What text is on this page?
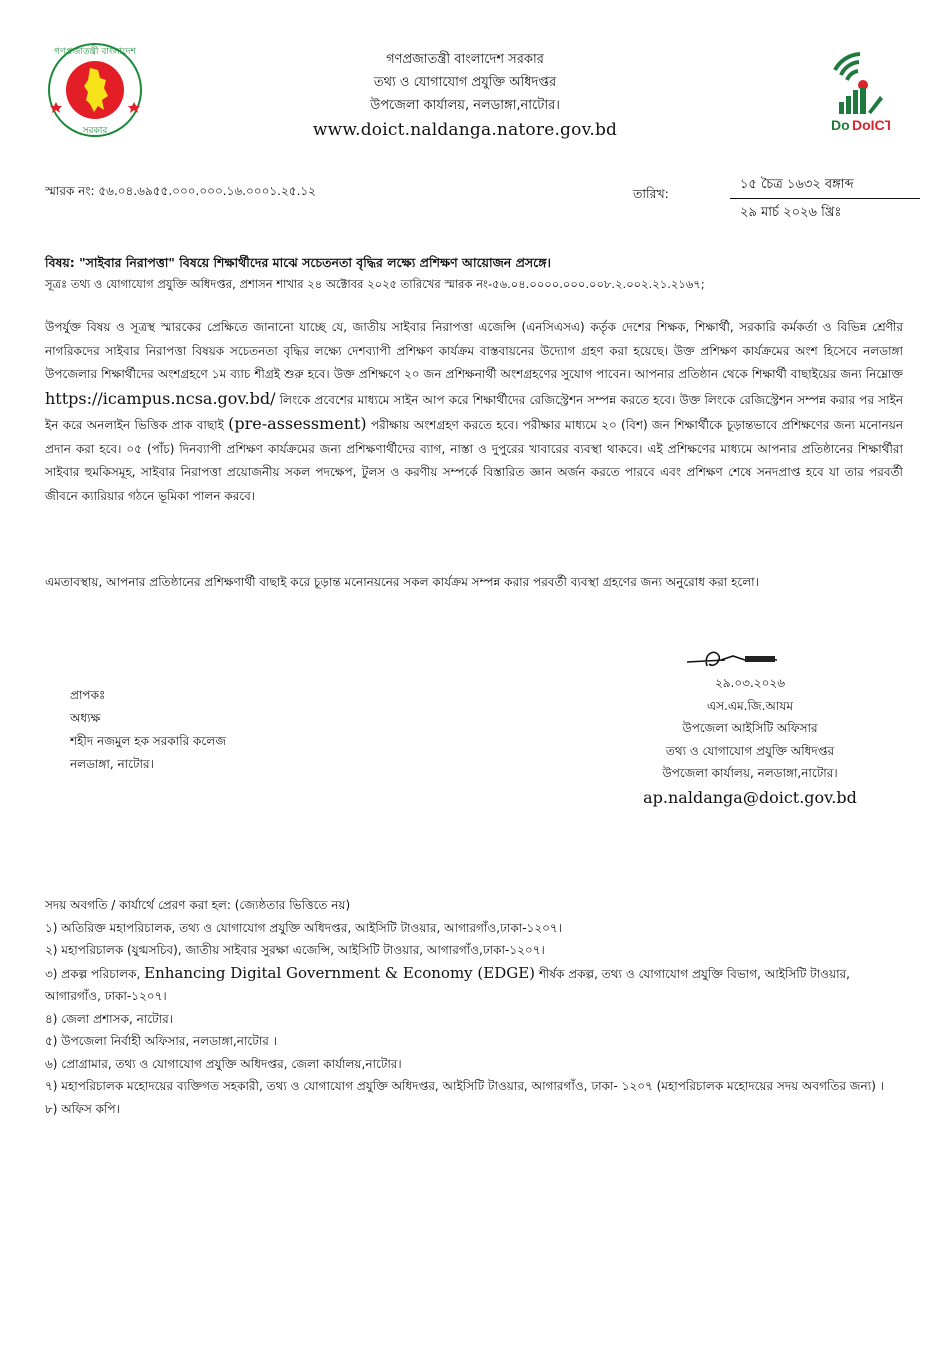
গণপ্রজাতন্ত্রী বাংলাদেশ
সরকার
গণপ্রজাতন্ত্রী বাংলাদেশ সরকার
তথ্য ও যোগাযোগ প্রযুক্তি অধিদপ্তর
উপজেলা কার্যালয়, নলডাঙ্গা,নাটোর।
www.doict.naldanga.natore.gov.bd	Do DoICT
স্মারক নং: ৫৬.০৪.৬৯৫৫.০০০.০০০.১৬.০০০১.২৫.১২	তারিখ:
১৫ চৈত্র ১৬৩২ বঙ্গাব্দ
২৯ মার্চ ২০২৬ খ্রিঃ
বিষয়: "সাইবার নিরাপত্তা" বিষয়ে শিক্ষার্থীদের মাঝে সচেতনতা বৃদ্ধির লক্ষ্যে প্রশিক্ষণ আয়োজন প্রসঙ্গে।
সূত্রঃ তথ্য ও যোগাযোগ প্রযুক্তি অধিদপ্তর, প্রশাসন শাখার ২৪ অক্টোবর ২০২৫ তারিখের স্মারক নং-৫৬.০৪.০০০০.০০০.০০৮.২.০০২.২১.২১৬৭;
উপর্যুক্ত বিষয় ও সূত্রস্থ স্মারকের প্রেক্ষিতে জানানো যাচ্ছে যে, জাতীয় সাইবার নিরাপত্তা এজেন্সি (এনসিএসএ) কর্তৃক দেশের শিক্ষক, শিক্ষার্থী, সরকারি কর্মকর্তা ও বিভিন্ন শ্রেণীর নাগরিকদের সাইবার নিরাপত্তা বিষয়ক সচেতনতা বৃদ্ধির লক্ষ্যে দেশব্যাপী প্রশিক্ষণ কার্যক্রম বাস্তবায়নের উদ্যোগ গ্রহণ করা হয়েছে। উক্ত প্রশিক্ষণ কার্যক্রমের অংশ হিসেবে নলডাঙ্গা উপজেলার শিক্ষার্থীদের অংশগ্রহণে ১ম ব্যাচ শীগ্রই শুরু হবে। উক্ত প্রশিক্ষণে ২০ জন প্রশিক্ষনার্থী অংশগ্রহণের সুযোগ পাবেন। আপনার প্রতিষ্ঠান থেকে শিক্ষার্থী বাছাইয়ের জন্য নিম্নোক্ত https://icampus.ncsa.gov.bd/ লিংকে প্রবেশের মাধ্যমে সাইন আপ করে শিক্ষার্থীদের রেজিস্ট্রেশন সম্পন্ন করতে হবে। উক্ত লিংকে রেজিস্ট্রেশন সম্পন্ন করার পর সাইন ইন করে অনলাইন ভিত্তিক প্রাক বাছাই (pre-assessment) পরীক্ষায় অংশগ্রহণ করতে হবে। পরীক্ষার মাধ্যমে ২০ (বিশ) জন শিক্ষার্থীকে চূড়ান্তভাবে প্রশিক্ষণের জন্য মনোনয়ন প্রদান করা হবে। ০৫ (পাঁচ) দিনব্যাপী প্রশিক্ষণ কার্যক্রমের জন্য প্রশিক্ষণার্থীদের ব্যাগ, নাস্তা ও দুপুরের খাবারের ব্যবস্থা থাকবে। এই প্রশিক্ষণের মাধ্যমে আপনার প্রতিষ্ঠানের শিক্ষার্থীরা সাইবার হুমকিসমূহ, সাইবার নিরাপত্তা প্রয়োজনীয় সকল পদক্ষেপ, টুলস ও করণীয় সম্পর্কে বিস্তারিত জ্ঞান অর্জন করতে পারবে এবং প্রশিক্ষণ শেষে সনদপ্রাপ্ত হবে যা তার পরবর্তী জীবনে ক্যারিয়ার গঠনে ভূমিকা পালন করবে।
এমতাবস্থায়, আপনার প্রতিষ্ঠানের প্রশিক্ষণার্থী বাছাই করে চূড়ান্ত মনোনয়নের সকল কার্যক্রম সম্পন্ন করার পরবর্তী ব্যবস্থা গ্রহণের জন্য অনুরোধ করা হলো।
প্রাপকঃ
অধ্যক্ষ
শহীদ নজমুল হক সরকারি কলেজ
নলডাঙ্গা, নাটোর।
২৯.০৩.২০২৬
এস.এম.জি.আযম
উপজেলা আইসিটি অফিসার
তথ্য ও যোগাযোগ প্রযুক্তি অধিদপ্তর
উপজেলা কার্যালয়, নলডাঙ্গা,নাটোর।
ap.naldanga@doict.gov.bd
সদয় অবগতি / কার্যার্থে প্রেরণ করা হল: (জ্যেষ্ঠতার ভিত্তিতে নয়)
১) অতিরিক্ত মহাপরিচালক, তথ্য ও যোগাযোগ প্রযুক্তি অধিদপ্তর, আইসিটি টাওয়ার, আগারগাঁও,ঢাকা-১২০৭।
২) মহাপরিচালক (যুগ্মসচিব), জাতীয় সাইবার সুরক্ষা এজেন্সি, আইসিটি টাওয়ার, আগারগাঁও,ঢাকা-১২০৭।
৩) প্রকল্প পরিচালক, Enhancing Digital Government & Economy (EDGE) শীর্ষক প্রকল্প, তথ্য ও যোগাযোগ প্রযুক্তি বিভাগ, আইসিটি টাওয়ার, আগারগাঁও, ঢাকা-১২০৭।
৪) জেলা প্রশাসক, নাটোর।
৫) উপজেলা নির্বাহী অফিসার, নলডাঙ্গা,নাটোর ।
৬) প্রোগ্রামার, তথ্য ও যোগাযোগ প্রযুক্তি অধিদপ্তর, জেলা কার্যালয়,নাটোর।
৭) মহাপরিচালক মহোদয়ের ব্যক্তিগত সহকারী, তথ্য ও যোগাযোগ প্রযুক্তি অধিদপ্তর, আইসিটি টাওয়ার, আগারগাঁও, ঢাকা- ১২০৭ (মহাপরিচালক মহোদয়ের সদয় অবগতির জন্য) ।
৮) অফিস কপি।
